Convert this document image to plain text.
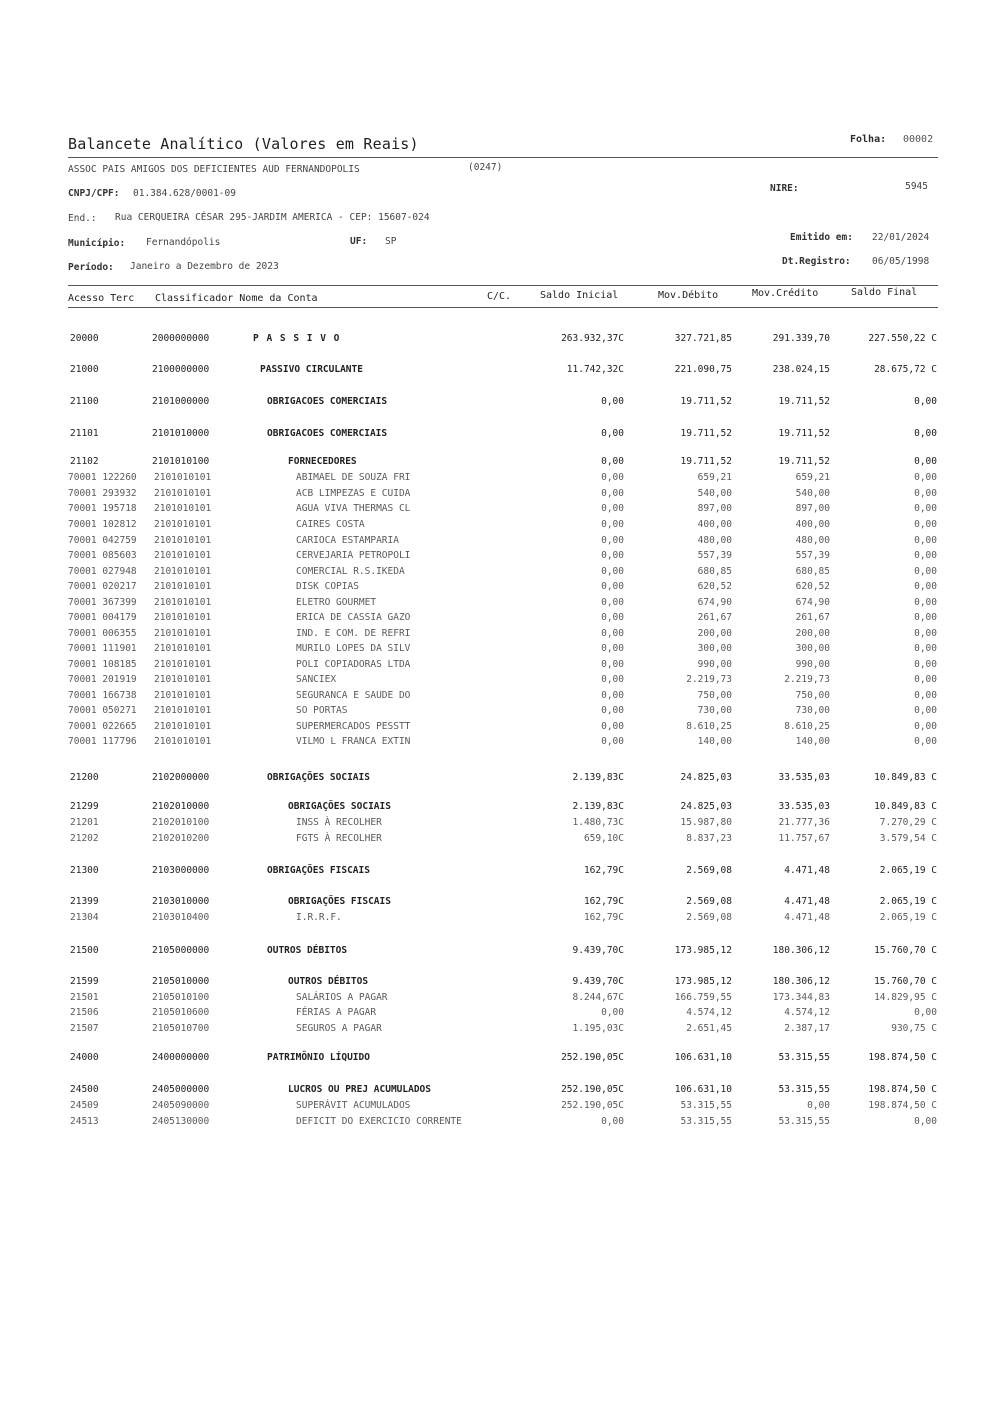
Balancete Analítico (Valores em Reais)	Folha: 00002
ASSOC PAIS AMIGOS DOS DEFICIENTES AUD FERNANDOPOLIS	(0247)
CNPJ/CPF: 01.384.628/0001-09	NIRE:	5945
End.: Rua CERQUEIRA CÉSAR 295-JARDIM AMERICA - CEP: 15607-024
Município: Fernandópolis	UF: SP	Emitido em: 22/01/2024
Período: Janeiro a Dezembro de 2023	Dt.Registro: 06/05/1998
Acesso Terc Classificador Nome da Conta	C/C.	Saldo Inicial	Mov.Débito	Mov.Crédito	Saldo Final
20000	2000000000	P A S S I V O	263.932,37C	327.721,85	291.339,70	227.550,22 C
21000	2100000000	PASSIVO CIRCULANTE	11.742,32C	221.090,75	238.024,15	28.675,72 C
21100	2101000000	OBRIGACOES COMERCIAIS	0,00	19.711,52	19.711,52	0,00
21101	2101010000	OBRIGACOES COMERCIAIS	0,00	19.711,52	19.711,52	0,00
21102	2101010100	FORNECEDORES	0,00	19.711,52	19.711,52	0,00
70001 122260 2101010101	ABIMAEL DE SOUZA FRI	0,00	659,21	659,21	0,00
70001 293932 2101010101	ACB LIMPEZAS E CUIDA	0,00	540,00	540,00	0,00
70001 195718 2101010101	AGUA VIVA THERMAS CL	0,00	897,00	897,00	0,00
70001 102812 2101010101	CAIRES COSTA	0,00	400,00	400,00	0,00
70001 042759 2101010101	CARIOCA ESTAMPARIA	0,00	480,00	480,00	0,00
70001 085603 2101010101	CERVEJARIA PETROPOLI	0,00	557,39	557,39	0,00
70001 027948 2101010101	COMERCIAL R.S.IKEDA	0,00	680,85	680,85	0,00
70001 020217 2101010101	DISK COPIAS	0,00	620,52	620,52	0,00
70001 367399 2101010101	ELETRO GOURMET	0,00	674,90	674,90	0,00
70001 004179 2101010101	ERICA DE CASSIA GAZO	0,00	261,67	261,67	0,00
70001 006355 2101010101	IND. E COM. DE REFRI	0,00	200,00	200,00	0,00
70001 111901 2101010101	MURILO LOPES DA SILV	0,00	300,00	300,00	0,00
70001 108185 2101010101	POLI COPIADORAS LTDA	0,00	990,00	990,00	0,00
70001 201919 2101010101	SANCIEX	0,00	2.219,73	2.219,73	0,00
70001 166738 2101010101	SEGURANCA E SAUDE DO	0,00	750,00	750,00	0,00
70001 050271 2101010101	SO PORTAS	0,00	730,00	730,00	0,00
70001 022665 2101010101	SUPERMERCADOS PESSTT	0,00	8.610,25	8.610,25	0,00
70001 117796 2101010101	VILMO L FRANCA EXTIN	0,00	140,00	140,00	0,00
21200	2102000000	OBRIGAÇÕES SOCIAIS	2.139,83C	24.825,03	33.535,03	10.849,83 C
21299	2102010000	OBRIGAÇÕES SOCIAIS	2.139,83C	24.825,03	33.535,03	10.849,83 C
21201	2102010100	INSS À RECOLHER	1.480,73C	15.987,80	21.777,36	7.270,29 C
21202	2102010200	FGTS À RECOLHER	659,10C	8.837,23	11.757,67	3.579,54 C
21300	2103000000	OBRIGAÇÕES FISCAIS	162,79C	2.569,08	4.471,48	2.065,19 C
21399	2103010000	OBRIGAÇÕES FISCAIS	162,79C	2.569,08	4.471,48	2.065,19 C
21304	2103010400	I.R.R.F.	162,79C	2.569,08	4.471,48	2.065,19 C
21500	2105000000	OUTROS DÉBITOS	9.439,70C	173.985,12	180.306,12	15.760,70 C
21599	2105010000	OUTROS DÉBITOS	9.439,70C	173.985,12	180.306,12	15.760,70 C
21501	2105010100	SALÁRIOS A PAGAR	8.244,67C	166.759,55	173.344,83	14.829,95 C
21506	2105010600	FÉRIAS A PAGAR	0,00	4.574,12	4.574,12	0,00
21507	2105010700	SEGUROS A PAGAR	1.195,03C	2.651,45	2.387,17	930,75 C
24000	2400000000	PATRIMÔNIO LÍQUIDO	252.190,05C	106.631,10	53.315,55	198.874,50 C
24500	2405000000	LUCROS OU PREJ ACUMULADOS	252.190,05C	106.631,10	53.315,55	198.874,50 C
24509	2405090000	SUPERÁVIT ACUMULADOS	252.190,05C	53.315,55	0,00	198.874,50 C
24513	2405130000	DEFICIT DO EXERCICIO CORRENTE	0,00	53.315,55	53.315,55	0,00
